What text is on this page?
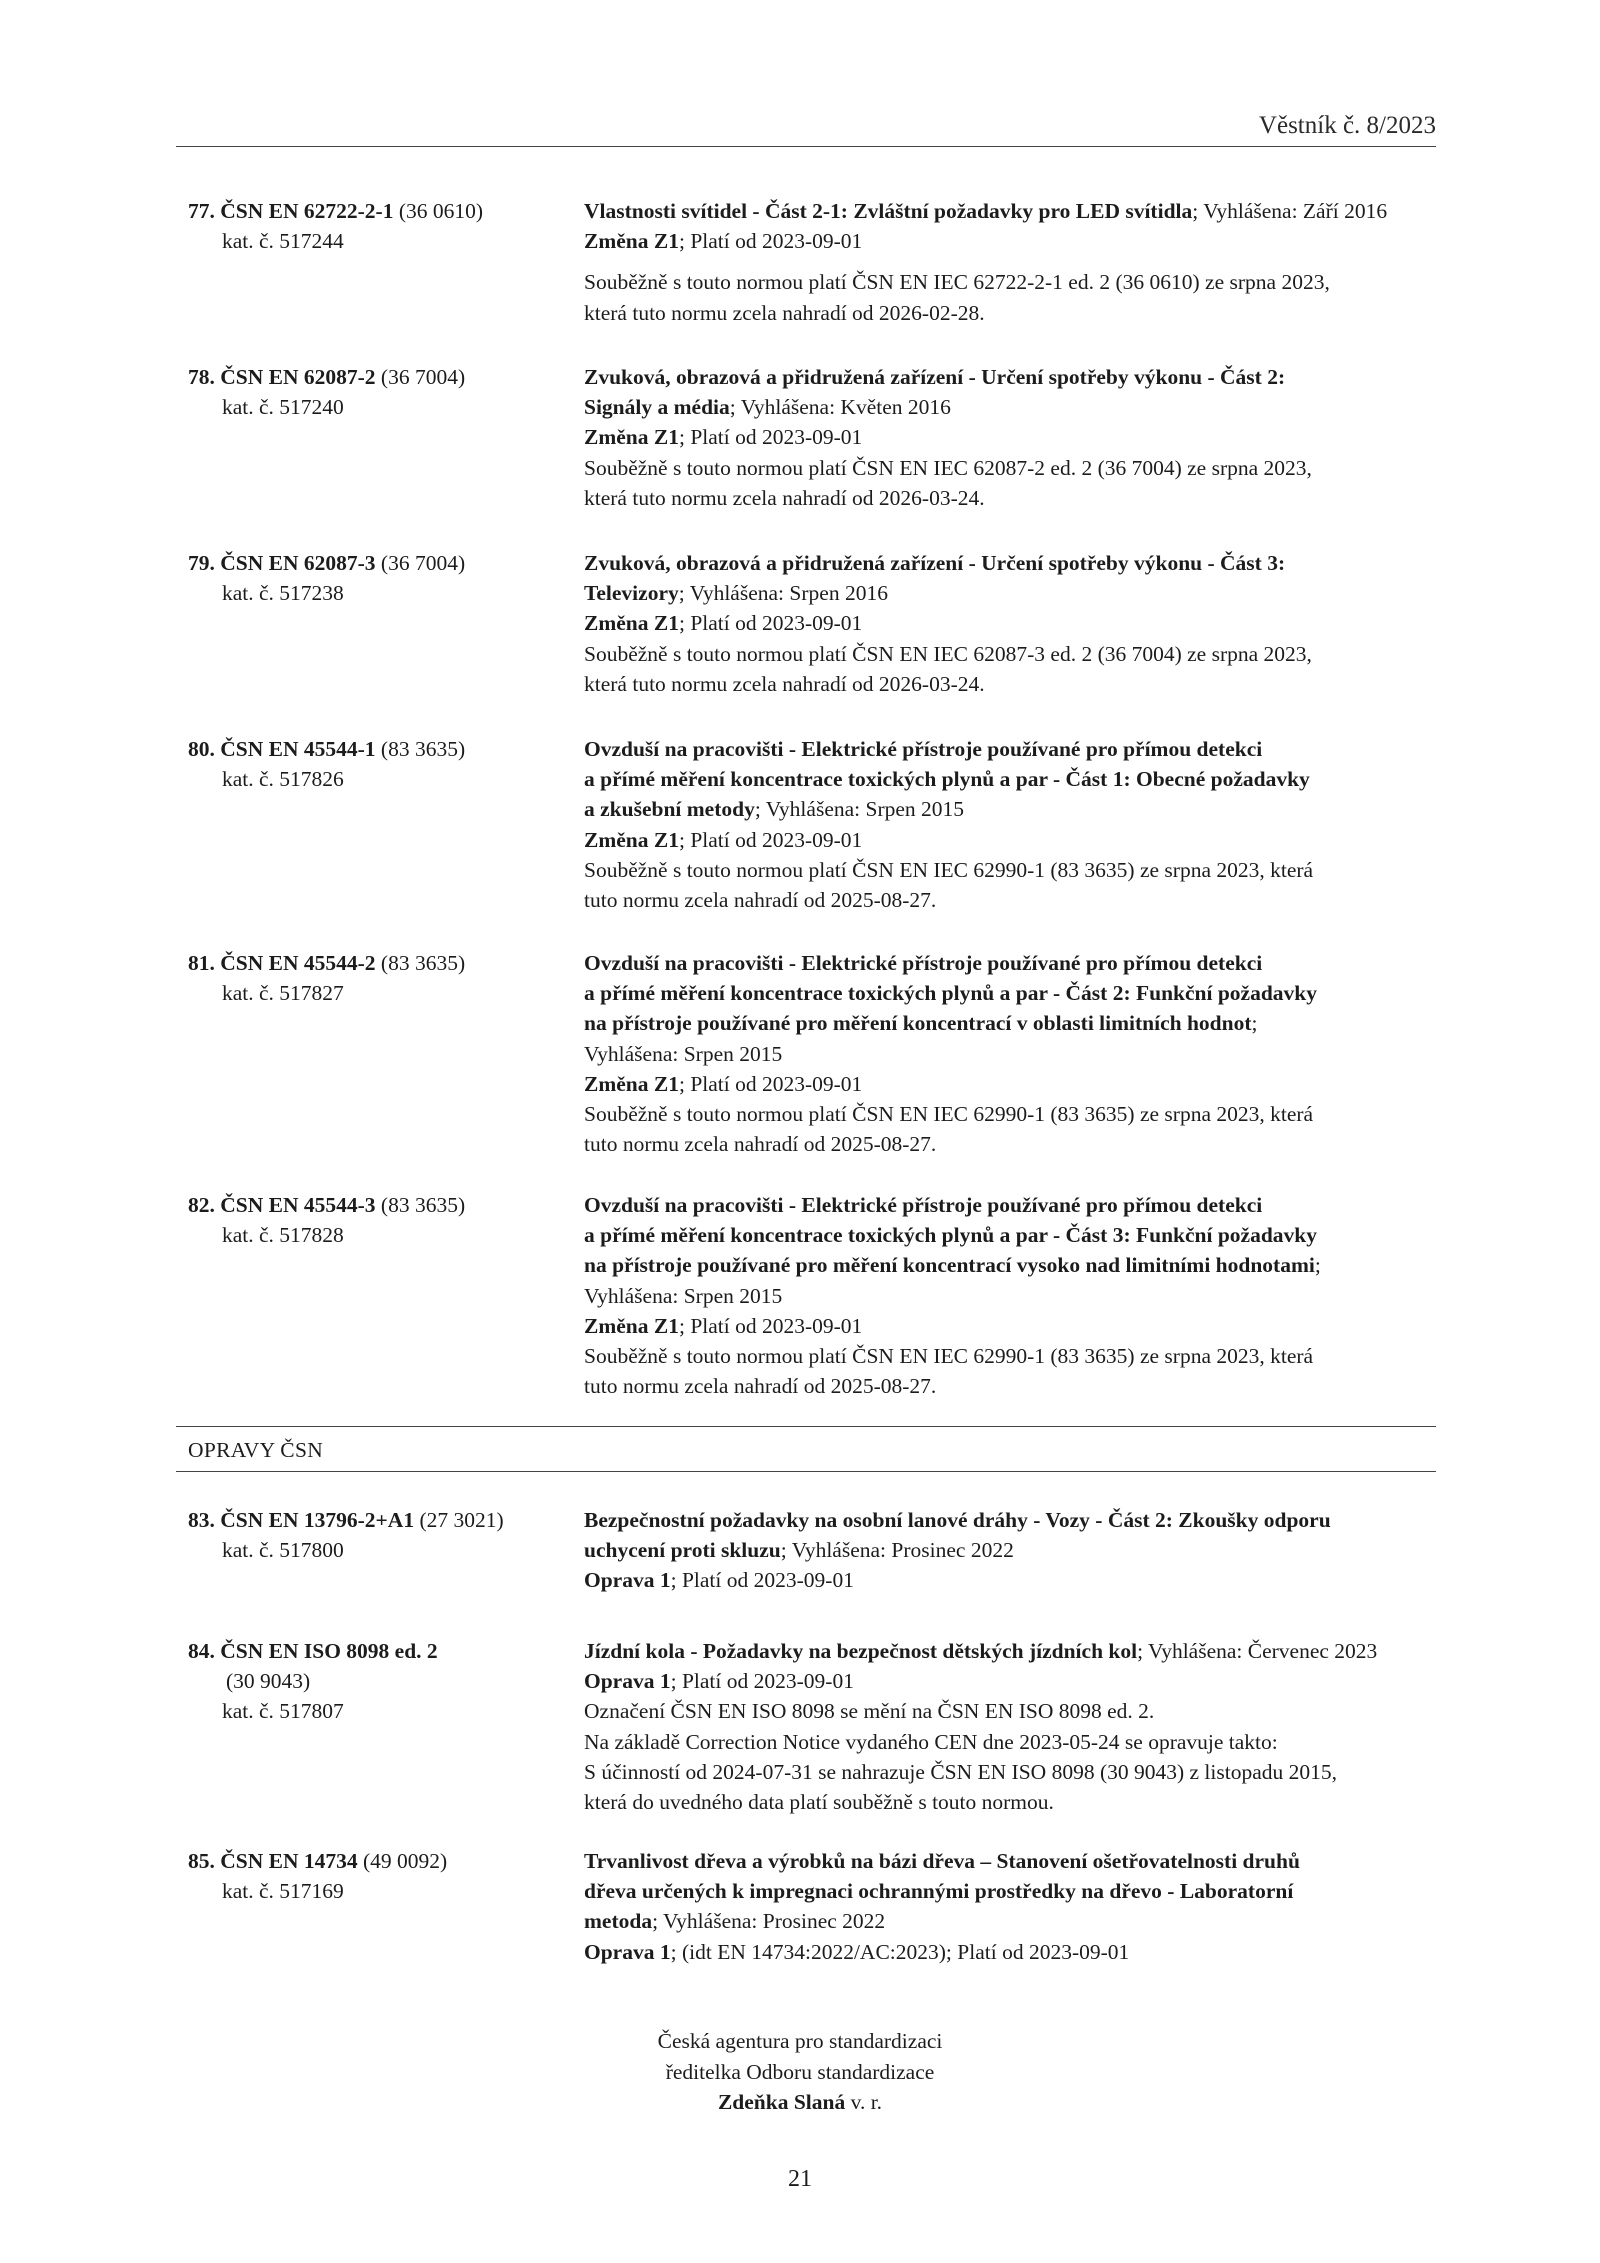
Věstník č. 8/2023
77. ČSN EN 62722-2-1 (36 0610)
kat. č. 517244
Vlastnosti svítidel - Část 2-1: Zvláštní požadavky pro LED svítidla; Vyhlášena: Září 2016
Změna Z1; Platí od 2023-09-01
Souběžně s touto normou platí ČSN EN IEC 62722-2-1 ed. 2 (36 0610) ze srpna 2023,
která tuto normu zcela nahradí od 2026-02-28.
78. ČSN EN 62087-2 (36 7004)
kat. č. 517240
Zvuková, obrazová a přidružená zařízení - Určení spotřeby výkonu - Část 2:
Signály a média; Vyhlášena: Květen 2016
Změna Z1; Platí od 2023-09-01
Souběžně s touto normou platí ČSN EN IEC 62087-2 ed. 2 (36 7004) ze srpna 2023,
která tuto normu zcela nahradí od 2026-03-24.
79. ČSN EN 62087-3 (36 7004)
kat. č. 517238
Zvuková, obrazová a přidružená zařízení - Určení spotřeby výkonu - Část 3:
Televizory; Vyhlášena: Srpen 2016
Změna Z1; Platí od 2023-09-01
Souběžně s touto normou platí ČSN EN IEC 62087-3 ed. 2 (36 7004) ze srpna 2023,
která tuto normu zcela nahradí od 2026-03-24.
80. ČSN EN 45544-1 (83 3635)
kat. č. 517826
Ovzduší na pracovišti - Elektrické přístroje používané pro přímou detekci
a přímé měření koncentrace toxických plynů a par - Část 1: Obecné požadavky
a zkušební metody; Vyhlášena: Srpen 2015
Změna Z1; Platí od 2023-09-01
Souběžně s touto normou platí ČSN EN IEC 62990-1 (83 3635) ze srpna 2023, která
tuto normu zcela nahradí od 2025-08-27.
81. ČSN EN 45544-2 (83 3635)
kat. č. 517827
Ovzduší na pracovišti - Elektrické přístroje používané pro přímou detekci
a přímé měření koncentrace toxických plynů a par - Část 2: Funkční požadavky
na přístroje používané pro měření koncentrací v oblasti limitních hodnot;
Vyhlášena: Srpen 2015
Změna Z1; Platí od 2023-09-01
Souběžně s touto normou platí ČSN EN IEC 62990-1 (83 3635) ze srpna 2023, která
tuto normu zcela nahradí od 2025-08-27.
82. ČSN EN 45544-3 (83 3635)
kat. č. 517828
Ovzduší na pracovišti - Elektrické přístroje používané pro přímou detekci
a přímé měření koncentrace toxických plynů a par - Část 3: Funkční požadavky
na přístroje používané pro měření koncentrací vysoko nad limitními hodnotami;
Vyhlášena: Srpen 2015
Změna Z1; Platí od 2023-09-01
Souběžně s touto normou platí ČSN EN IEC 62990-1 (83 3635) ze srpna 2023, která
tuto normu zcela nahradí od 2025-08-27.
OPRAVY ČSN
83. ČSN EN 13796-2+A1 (27 3021)
kat. č. 517800
Bezpečnostní požadavky na osobní lanové dráhy - Vozy - Část 2: Zkoušky odporu
uchycení proti skluzu; Vyhlášena: Prosinec 2022
Oprava 1; Platí od 2023-09-01
84. ČSN EN ISO 8098 ed. 2
(30 9043)
kat. č. 517807
Jízdní kola - Požadavky na bezpečnost dětských jízdních kol; Vyhlášena: Červenec 2023
Oprava 1; Platí od 2023-09-01
Označení ČSN EN ISO 8098 se mění na ČSN EN ISO 8098 ed. 2.
Na základě Correction Notice vydaného CEN dne 2023-05-24 se opravuje takto:
S účinností od 2024-07-31 se nahrazuje ČSN EN ISO 8098 (30 9043) z listopadu 2015,
která do uvedného data platí souběžně s touto normou.
85. ČSN EN 14734 (49 0092)
kat. č. 517169
Trvanlivost dřeva a výrobků na bázi dřeva – Stanovení ošetřovatelnosti druhů
dřeva určených k impregnaci ochrannými prostředky na dřevo - Laboratorní
metoda; Vyhlášena: Prosinec 2022
Oprava 1; (idt EN 14734:2022/AC:2023); Platí od 2023-09-01
Česká agentura pro standardizaci
ředitelka Odboru standardizace
Zdeňka Slaná v. r.
21
